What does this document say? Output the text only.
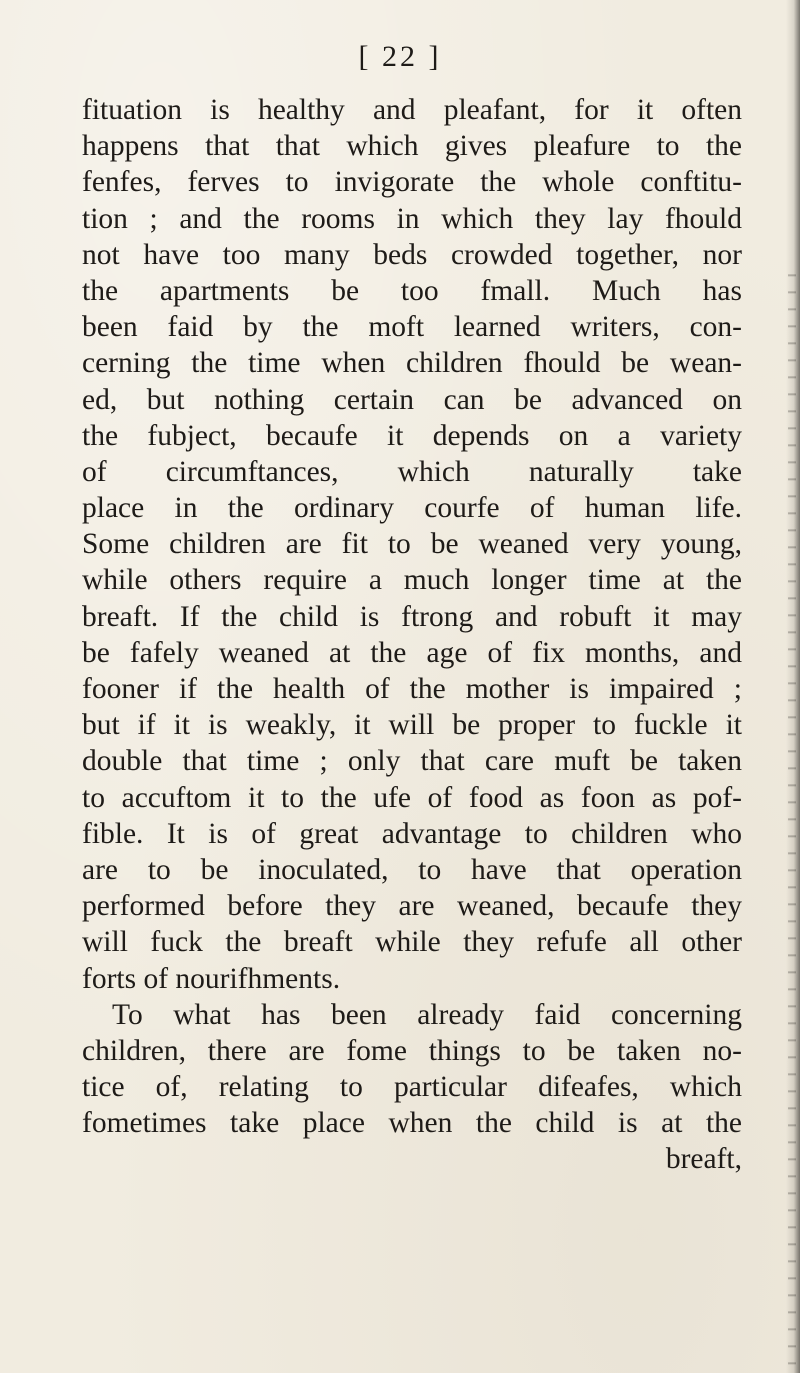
[ 22 ]
fituation is healthy and pleafant, for it often
happens that that which gives pleafure to the
fenfes, ferves to invigorate the whole conftitu-
tion ; and the rooms in which they lay fhould
not have too many beds crowded together, nor
the apartments be too fmall. Much has
been faid by the moft learned writers, con-
cerning the time when children fhould be wean-
ed, but nothing certain can be advanced on
the fubject, becaufe it depends on a variety
of circumftances, which naturally take
place in the ordinary courfe of human life.
Some children are fit to be weaned very young,
while others require a much longer time at the
breaft. If the child is ftrong and robuft it may
be fafely weaned at the age of fix months, and
fooner if the health of the mother is impaired ;
but if it is weakly, it will be proper to fuckle it
double that time ; only that care muft be taken
to accuftom it to the ufe of food as foon as pof-
fible. It is of great advantage to children who
are to be inoculated, to have that operation
performed before they are weaned, becaufe they
will fuck the breaft while they refufe all other
forts of nourifhments.
To what has been already faid concerning
children, there are fome things to be taken no-
tice of, relating to particular difeafes, which
fometimes take place when the child is at the
breaft,
